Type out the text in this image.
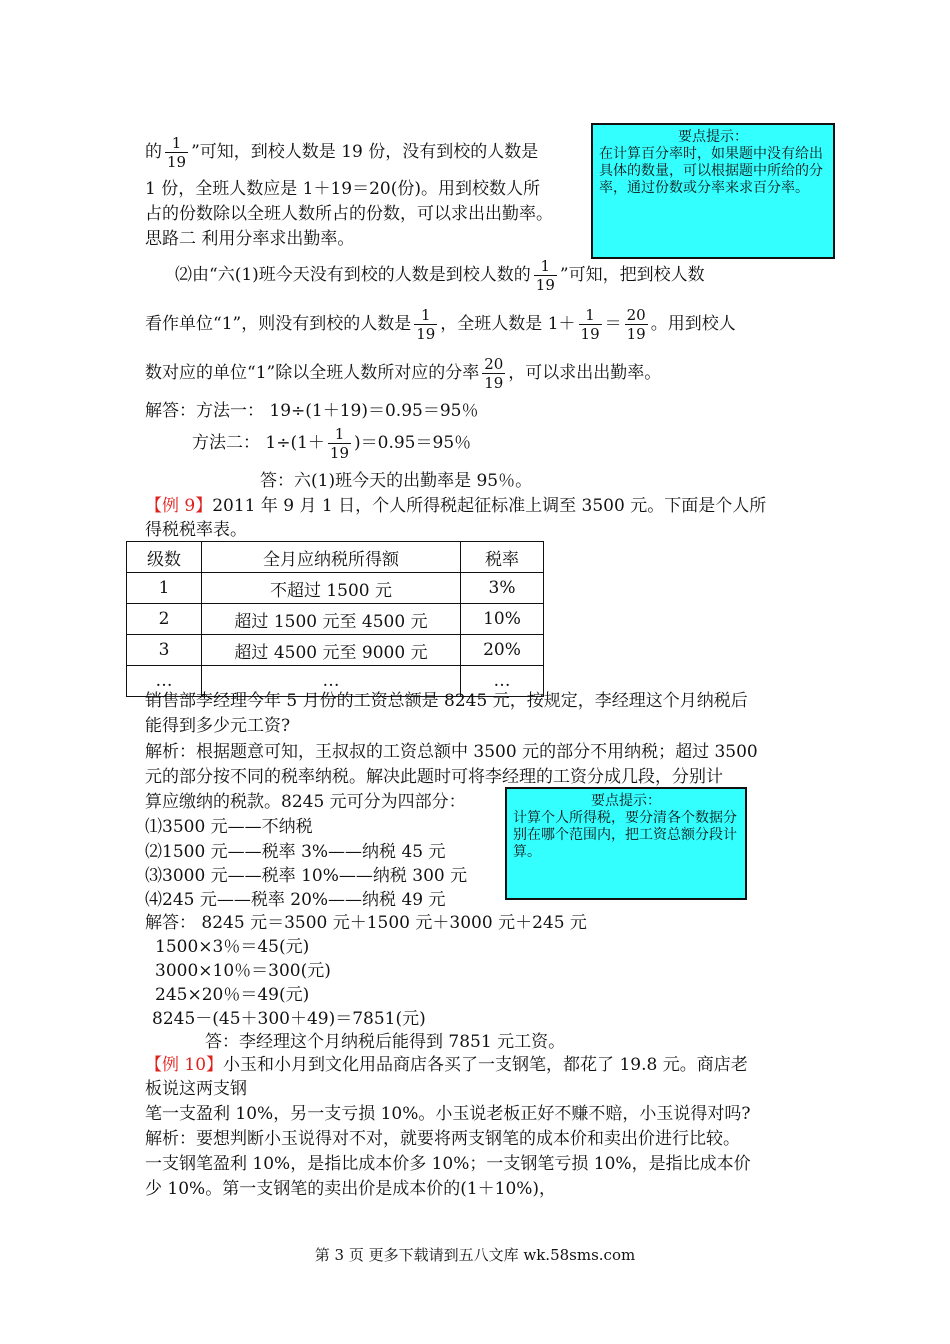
要点提示：
在计算百分率时，如果题中没有给出具体的数量，可以根据题中所给的分率，通过份数或分率来求百分率。
的 $\frac{1}{19}$ ”可知，到校人数是 19 份，没有到校的人数是
1 份，全班人数应是 1＋19＝20(份)。用到校数人所
占的份数除以全班人数所占的份数，可以求出出勤率。
思路二 利用分率求出勤率。
⑵由“六(1)班今天没有到校的人数是到校人数的 $\frac{1}{19}$ ”可知，把到校人数
看作单位“1”，则没有到校的人数是 $\frac{1}{19}$ ，全班人数是 $1+ \frac{1}{19} = \frac{20}{19}$ 。用到校人
数对应的单位“1”除以全班人数所对应的分率 $\frac{20}{19}$ ，可以求出出勤率。
解答：方法一： 19÷(1＋19)＝0.95＝95％
方法二： $1\div(1+ \frac{1}{19} )=0.95=95$％
答：六(1)班今天的出勤率是 95％。
【例 9】2011 年 9 月 1 日，个人所得税起征标准上调至 3500 元。下面是个人所
得税税率表。
级数	全月应纳税所得额	税率
1	不超过 1500 元	3%
2	超过 1500 元至 4500 元	10%
3	超过 4500 元至 9000 元	20%
…	…	…
销售部李经理今年 5 月份的工资总额是 8245 元，按规定，李经理这个月纳税后
能得到多少元工资?
解析：根据题意可知，王叔叔的工资总额中 3500 元的部分不用纳税；超过 3500
元的部分按不同的税率纳税。解决此题时可将李经理的工资分成几段，分别计
算应缴纳的税款。8245 元可分为四部分：	要点提示：
计算个人所得税，要分清各个数据分别在哪个范围内，把工资总额分段计算。
⑴3500 元——不纳税
⑵1500 元——税率 3%——纳税 45 元
⑶3000 元——税率 10%——纳税 300 元
⑷245 元——税率 20%——纳税 49 元
解答： 8245 元＝3500 元＋1500 元＋3000 元＋245 元
1500×3％＝45(元)
3000×10％＝300(元)
245×20％＝49(元)
8245－(45＋300＋49)＝7851(元)
答：李经理这个月纳税后能得到 7851 元工资。
【例 10】小玉和小月到文化用品商店各买了一支钢笔，都花了 19.8 元。商店老
板说这两支钢
笔一支盈利 10%，另一支亏损 10%。小玉说老板正好不赚不赔，小玉说得对吗?
解析：要想判断小玉说得对不对，就要将两支钢笔的成本价和卖出价进行比较。
一支钢笔盈利 10%，是指比成本价多 10%；一支钢笔亏损 10%，是指比成本价
少 10%。第一支钢笔的卖出价是成本价的(1＋10%)，
第 3 页 更多下载请到五八文库 wk.58sms.com
